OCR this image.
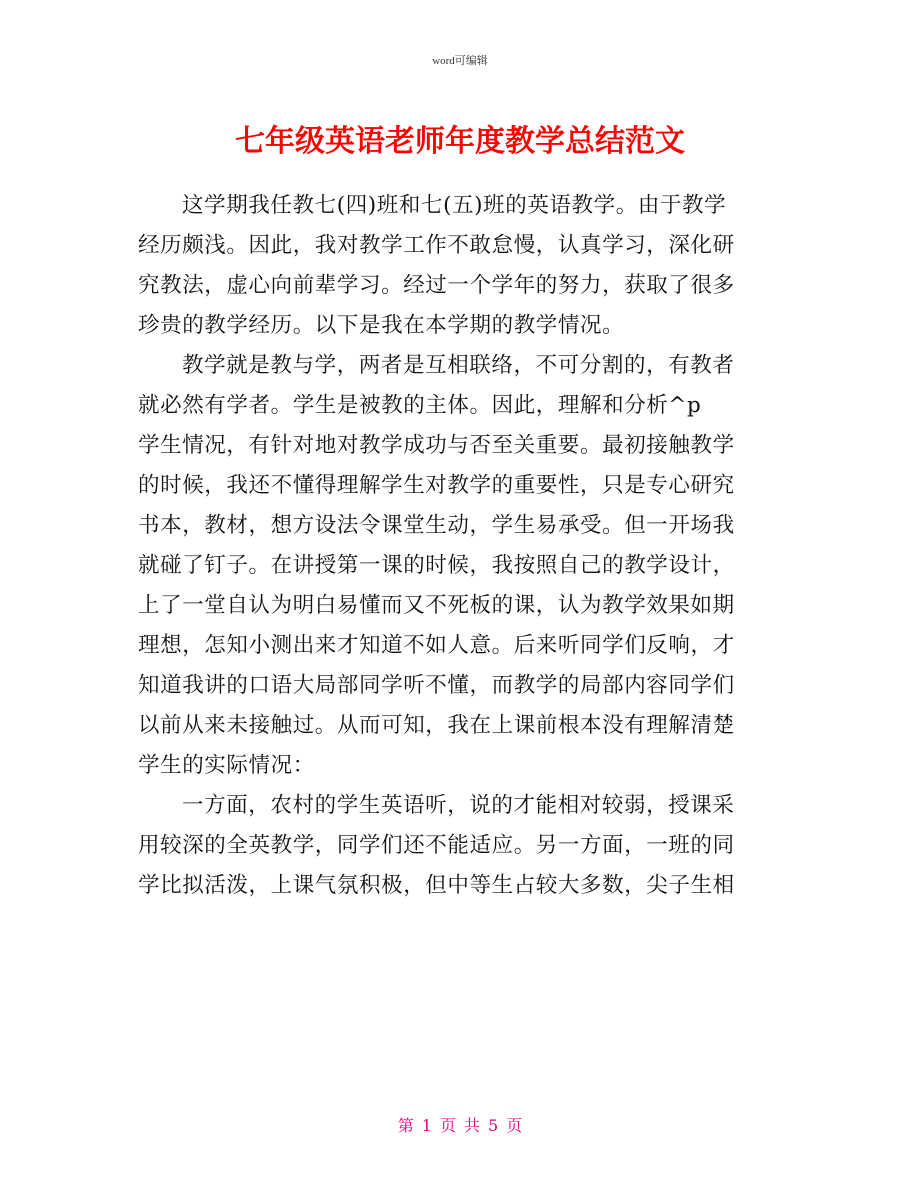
word可编辑
七年级英语老师年度教学总结范文
这学期我任教七(四)班和七(五)班的英语教学。由于教学
经历颇浅。因此，我对教学工作不敢怠慢，认真学习，深化研
究教法，虚心向前辈学习。经过一个学年的努力，获取了很多
珍贵的教学经历。以下是我在本学期的教学情况。
教学就是教与学，两者是互相联络，不可分割的，有教者
就必然有学者。学生是被教的主体。因此，理解和分析^p
学生情况，有针对地对教学成功与否至关重要。最初接触教学
的时候，我还不懂得理解学生对教学的重要性，只是专心研究
书本，教材，想方设法令课堂生动，学生易承受。但一开场我
就碰了钉子。在讲授第一课的时候，我按照自己的教学设计，
上了一堂自认为明白易懂而又不死板的课，认为教学效果如期
理想，怎知小测出来才知道不如人意。后来听同学们反响，才
知道我讲的口语大局部同学听不懂，而教学的局部内容同学们
以前从来未接触过。从而可知，我在上课前根本没有理解清楚
学生的实际情况：
一方面，农村的学生英语听，说的才能相对较弱，授课采
用较深的全英教学，同学们还不能适应。另一方面，一班的同
学比拟活泼，上课气氛积极，但中等生占较大多数，尖子生相
第 1 页 共 5 页
